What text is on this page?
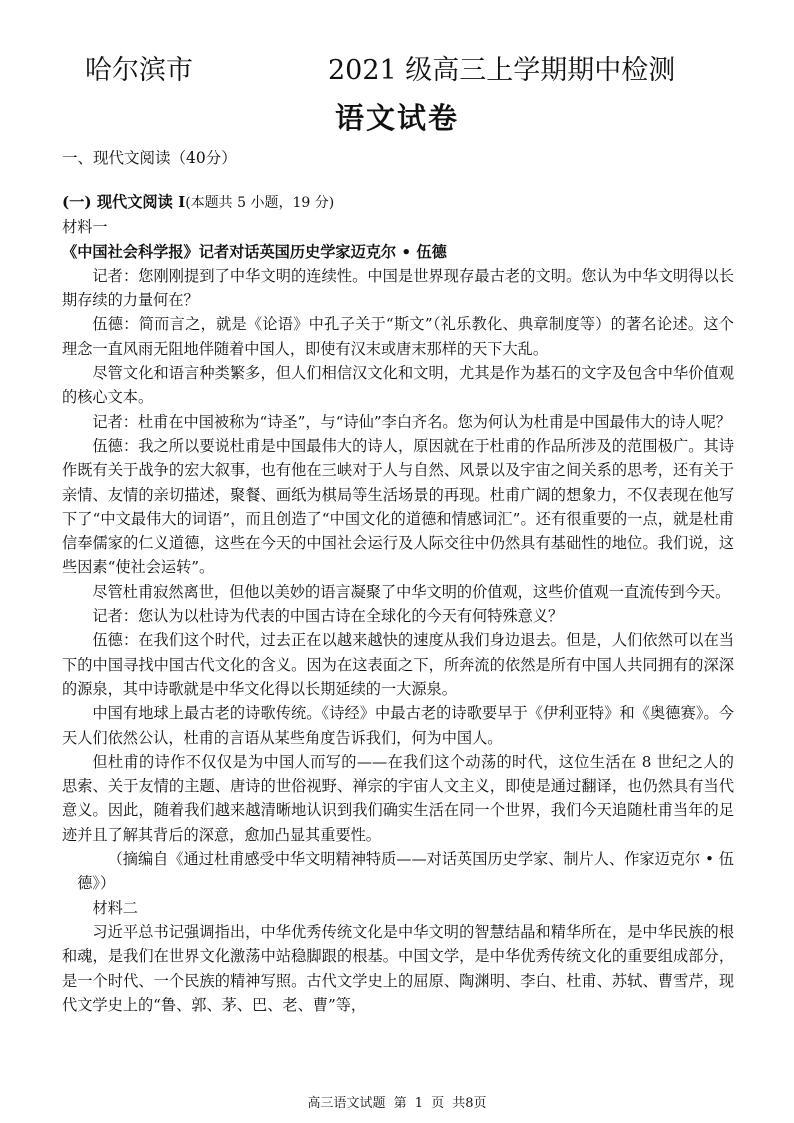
哈尔滨市	2021 级高三上学期期中检测
语文试卷
一、现代文阅读（40分）

(一) 现代文阅读 I(本题共 5 小题，19 分)

材料一

《中国社会科学报》记者对话英国历史学家迈克尔 • 伍德

记者：您刚刚提到了中华文明的连续性。中国是世界现存最古老的文明。您认为中华文明得以长期存续的力量何在？

伍德：简而言之，就是《论语》中孔子关于“斯文”（礼乐教化、典章制度等）的著名论述。这个理念一直风雨无阻地伴随着中国人，即使有汉末或唐末那样的天下大乱。

尽管文化和语言种类繁多，但人们相信汉文化和文明，尤其是作为基石的文字及包含中华价值观的核心文本。

记者：杜甫在中国被称为“诗圣”，与“诗仙”李白齐名。您为何认为杜甫是中国最伟大的诗人呢？

伍德：我之所以要说杜甫是中国最伟大的诗人，原因就在于杜甫的作品所涉及的范围极广。其诗作既有关于战争的宏大叙事，也有他在三峡对于人与自然、风景以及宇宙之间关系的思考，还有关于亲情、友情的亲切描述，聚餐、画纸为棋局等生活场景的再现。杜甫广阔的想象力，不仅表现在他写下了“中文最伟大的词语”，而且创造了“中国文化的道德和情感词汇”。还有很重要的一点，就是杜甫信奉儒家的仁义道德，这些在今天的中国社会运行及人际交往中仍然具有基础性的地位。我们说，这些因素“使社会运转”。

尽管杜甫寂然离世，但他以美妙的语言凝聚了中华文明的价值观，这些价值观一直流传到今天。

记者：您认为以杜诗为代表的中国古诗在全球化的今天有何特殊意义？

伍德：在我们这个时代，过去正在以越来越快的速度从我们身边退去。但是，人们依然可以在当下的中国寻找中国古代文化的含义。因为在这表面之下，所奔流的依然是所有中国人共同拥有的深深的源泉，其中诗歌就是中华文化得以长期延续的一大源泉。

中国有地球上最古老的诗歌传统。《诗经》中最古老的诗歌要早于《伊利亚特》和《奥德赛》。今天人们依然公认，杜甫的言语从某些角度告诉我们，何为中国人。

但杜甫的诗作不仅仅是为中国人而写的——在我们这个动荡的时代，这位生活在 8 世纪之人的思索、关于友情的主题、唐诗的世俗视野、禅宗的宇宙人文主义，即使是通过翻译，也仍然具有当代意义。因此，随着我们越来越清晰地认识到我们确实生活在同一个世界，我们今天追随杜甫当年的足迹并且了解其背后的深意，愈加凸显其重要性。

（摘编自《通过杜甫感受中华文明精神特质——对话英国历史学家、制片人、作家迈克尔 • 伍德》）

材料二

习近平总书记强调指出，中华优秀传统文化是中华文明的智慧结晶和精华所在，是中华民族的根和魂，是我们在世界文化激荡中站稳脚跟的根基。中国文学，是中华优秀传统文化的重要组成部分，是一个时代、一个民族的精神写照。古代文学史上的屈原、陶渊明、李白、杜甫、苏轼、曹雪芹，现代文学史上的“鲁、郭、茅、巴、老、曹”等，

高三语文试题 第 1 页 共8页
